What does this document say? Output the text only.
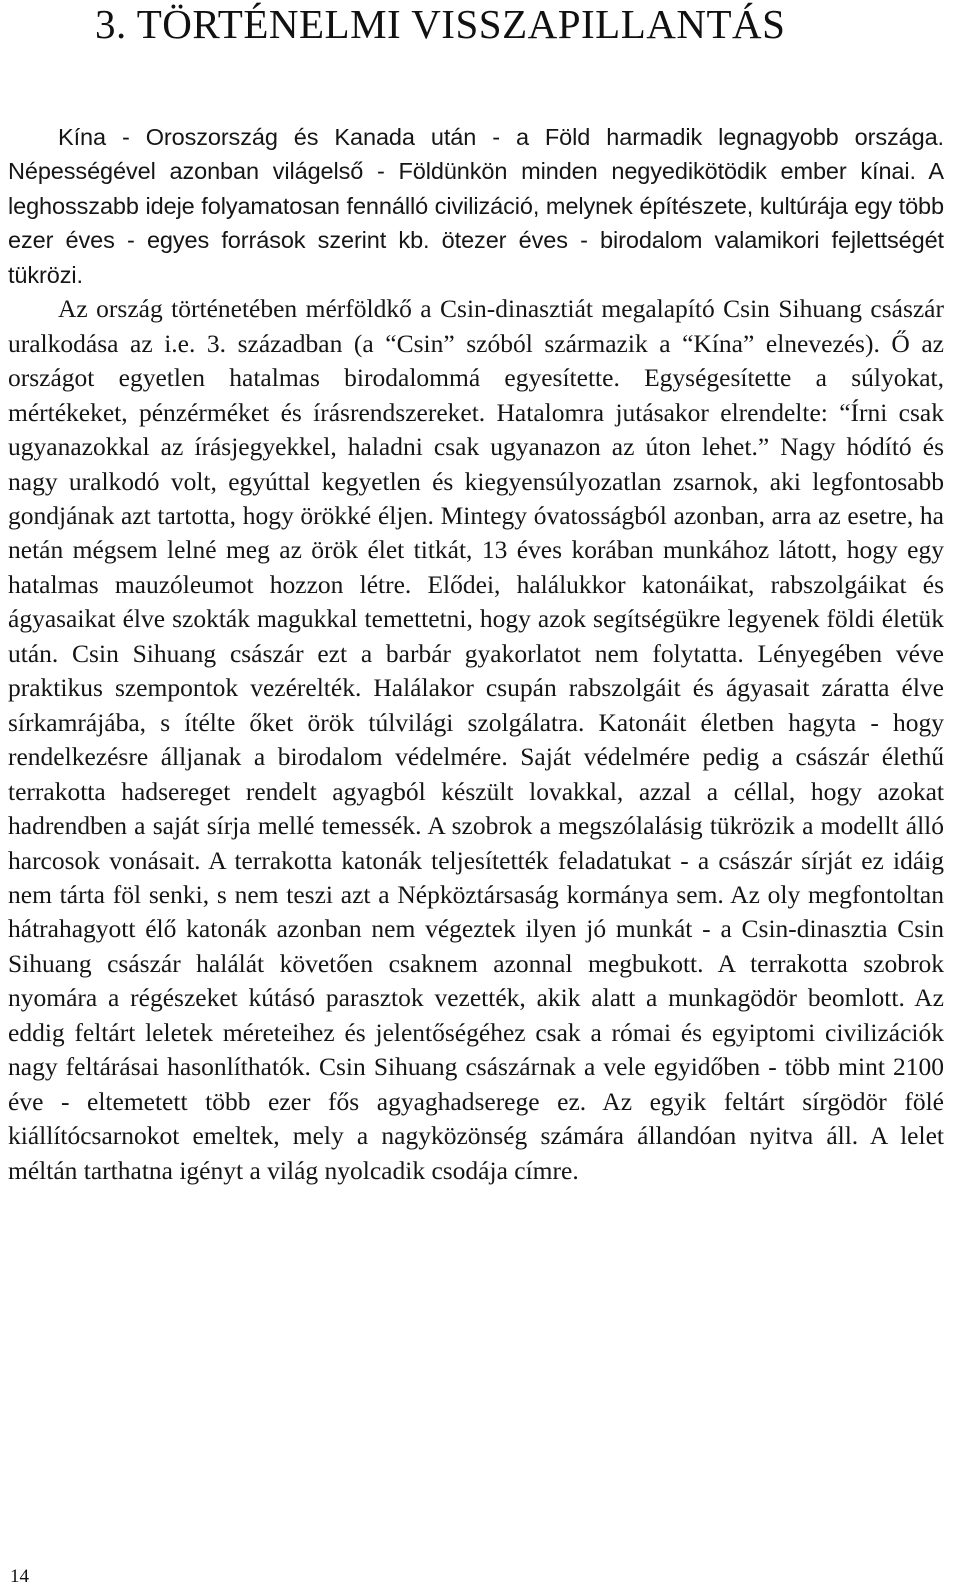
3. TÖRTÉNELMI VISSZAPILLANTÁS

Kína - Oroszország és Kanada után - a Föld harmadik legnagyobb országa. Népességével azonban világelső - Földünkön minden negyedikötödik ember kínai. A leghosszabb ideje folyamatosan fennálló civilizáció, melynek építészete, kultúrája egy több ezer éves - egyes források szerint kb. ötezer éves - birodalom valamikori fejlettségét tükrözi.

Az ország történetében mérföldkő a Csin-dinasztiát megalapító Csin Sihuang császár uralkodása az i.e. 3. században (a “Csin” szóból származik a “Kína” elnevezés). Ő az országot egyetlen hatalmas birodalommá egyesítette. Egységesítette a súlyokat, mértékeket, pénzérméket és írásrendszereket. Hatalomra jutásakor elrendelte: “Írni csak ugyanazokkal az írásjegyekkel, haladni csak ugyanazon az úton lehet.” Nagy hódító és nagy uralkodó volt, egyúttal kegyetlen és kiegyensúlyozatlan zsarnok, aki legfontosabb gondjának azt tartotta, hogy örökké éljen. Mintegy óvatosságból azonban, arra az esetre, ha netán mégsem lelné meg az örök élet titkát, 13 éves korában munkához látott, hogy egy hatalmas mauzóleumot hozzon létre. Elődei, halálukkor katonáikat, rabszolgáikat és ágyasaikat élve szokták magukkal temettetni, hogy azok segítségükre legyenek földi életük után. Csin Sihuang császár ezt a barbár gyakorlatot nem folytatta. Lényegében véve praktikus szempontok vezérelték. Halálakor csupán rabszolgáit és ágyasait záratta élve sírkamrájába, s ítélte őket örök túlvilági szolgálatra. Katonáit életben hagyta - hogy rendelkezésre álljanak a birodalom védelmére. Saját védelmére pedig a császár élethű terrakotta hadsereget rendelt agyagból készült lovakkal, azzal a céllal, hogy azokat hadrendben a saját sírja mellé temessék. A szobrok a megszólalásig tükrözik a modellt álló harcosok vonásait. A terrakotta katonák teljesítették feladatukat - a császár sírját ez idáig nem tárta föl senki, s nem teszi azt a Népköztársaság kormánya sem. Az oly megfontoltan hátrahagyott élő katonák azonban nem végeztek ilyen jó munkát - a Csin-dinasztia Csin Sihuang császár halálát követően csaknem azonnal megbukott. A terrakotta szobrok nyomára a régészeket kútásó parasztok vezették, akik alatt a munkagödör beomlott. Az eddig feltárt leletek méreteihez és jelentőségéhez csak a római és egyiptomi civilizációk nagy feltárásai hasonlíthatók. Csin Sihuang császárnak a vele egyidőben - több mint 2100 éve - eltemetett több ezer fős agyaghadserege ez. Az egyik feltárt sírgödör fölé kiállítócsarnokot emeltek, mely a nagyközönség számára állandóan nyitva áll. A lelet méltán tarthatna igényt a világ nyolcadik csodája címre.

14
